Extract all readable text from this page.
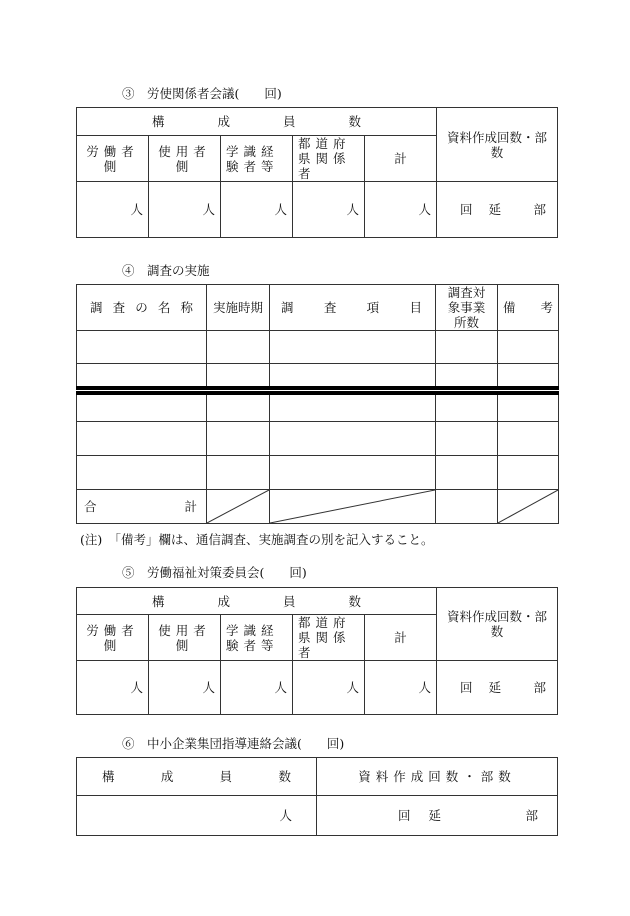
③　労使関係者会議(　　回)
構 成 員 数					資料作成回数・部数
労働者側	使用者側	学識経験者等	都道府県関係者	計	
人	人	人	人	人	回 延 部
④　調査の実施
調 査 の 名 称	実施時期	調 査 項 目	調査対象事業所数	備 考

合 計

(注)　「備考」欄は、通信調査、実施調査の別を記入すること。
⑤　労働福祉対策委員会(　　回)
構 成 員 数					資料作成回数・部数
労働者側	使用者側	学識経験者等	都道府県関係者	計	
人	人	人	人	人	回 延 部
⑥　中小企業集団指導連絡会議(　　回)
構 成 員 数	資料作成回数・部数
人	回 延 部
